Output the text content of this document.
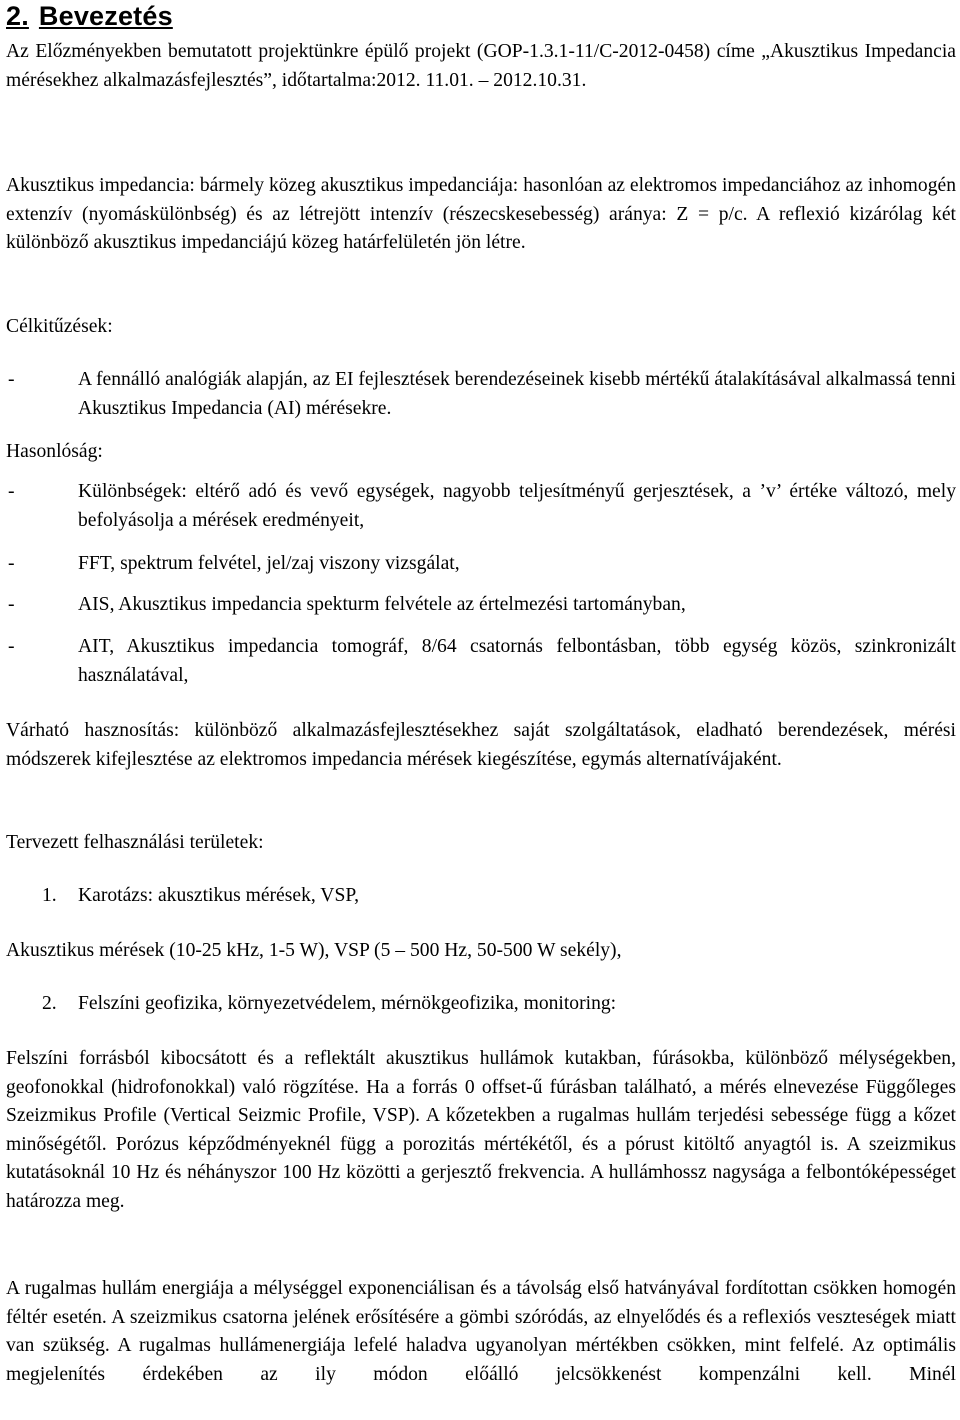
2. Bevezetés

Az Előzményekben bemutatott projektünkre épülő projekt (GOP-1.3.1-11/C-2012-0458) címe „Akusztikus Impedancia mérésekhez alkalmazásfejlesztés”, időtartalma:2012. 11.01. – 2012.10.31.

Akusztikus impedancia: bármely közeg akusztikus impedanciája: hasonlóan az elektromos impedanciához az inhomogén extenzív (nyomáskülönbség) és az létrejött intenzív (részecskesebesség) aránya: Z = p/c. A reflexió kizárólag két különböző akusztikus impedanciájú közeg határfelületén jön létre.

Célkitűzések:

-	A fennálló analógiák alapján, az EI fejlesztések berendezéseinek kisebb mértékű átalakításával alkalmassá tenni Akusztikus Impedancia (AI) mérésekre.

Hasonlóság:

-	Különbségek: eltérő adó és vevő egységek, nagyobb teljesítményű gerjesztések, a ’v’ értéke változó, mely befolyásolja a mérések eredményeit,
-	FFT, spektrum felvétel, jel/zaj viszony vizsgálat,
-	AIS, Akusztikus impedancia spekturm felvétele az értelmezési tartományban,
-	AIT, Akusztikus impedancia tomográf, 8/64 csatornás felbontásban, több egység közös, szinkronizált használatával,

Várható hasznosítás: különböző alkalmazásfejlesztésekhez saját szolgáltatások, eladható berendezések, mérési módszerek kifejlesztése az elektromos impedancia mérések kiegészítése, egymás alternatívájaként.

Tervezett felhasználási területek:

1. Karotázs: akusztikus mérések, VSP,

Akusztikus mérések (10-25 kHz, 1-5 W), VSP (5 – 500 Hz, 50-500 W sekély),

2. Felszíni geofizika, környezetvédelem, mérnökgeofizika, monitoring:

Felszíni forrásból kibocsátott és a reflektált akusztikus hullámok kutakban, fúrásokba, különböző mélységekben, geofonokkal (hidrofonokkal) való rögzítése. Ha a forrás 0 offset-ű fúrásban található, a mérés elnevezése Függőleges Szeizmikus Profile (Vertical Seizmic Profile, VSP). A kőzetekben a rugalmas hullám terjedési sebessége függ a kőzet minőségétől. Porózus képződményeknél függ a porozitás mértékétől, és a pórust kitöltő anyagtól is. A szeizmikus kutatásoknál 10 Hz és néhányszor 100 Hz közötti a gerjesztő frekvencia. A hullámhossz nagysága a felbontóképességet határozza meg.

A rugalmas hullám energiája a mélységgel exponenciálisan és a távolság első hatványával fordítottan csökken homogén féltér esetén. A szeizmikus csatorna jelének erősítésére a gömbi szóródás, az elnyelődés és a reflexiós veszteségek miatt van szükség. A rugalmas hullámenergiája lefelé haladva ugyanolyan mértékben csökken, mint felfelé. Az optimális megjelenítés érdekében az ily módon előálló jelcsökkenést kompenzálni kell. Minél
